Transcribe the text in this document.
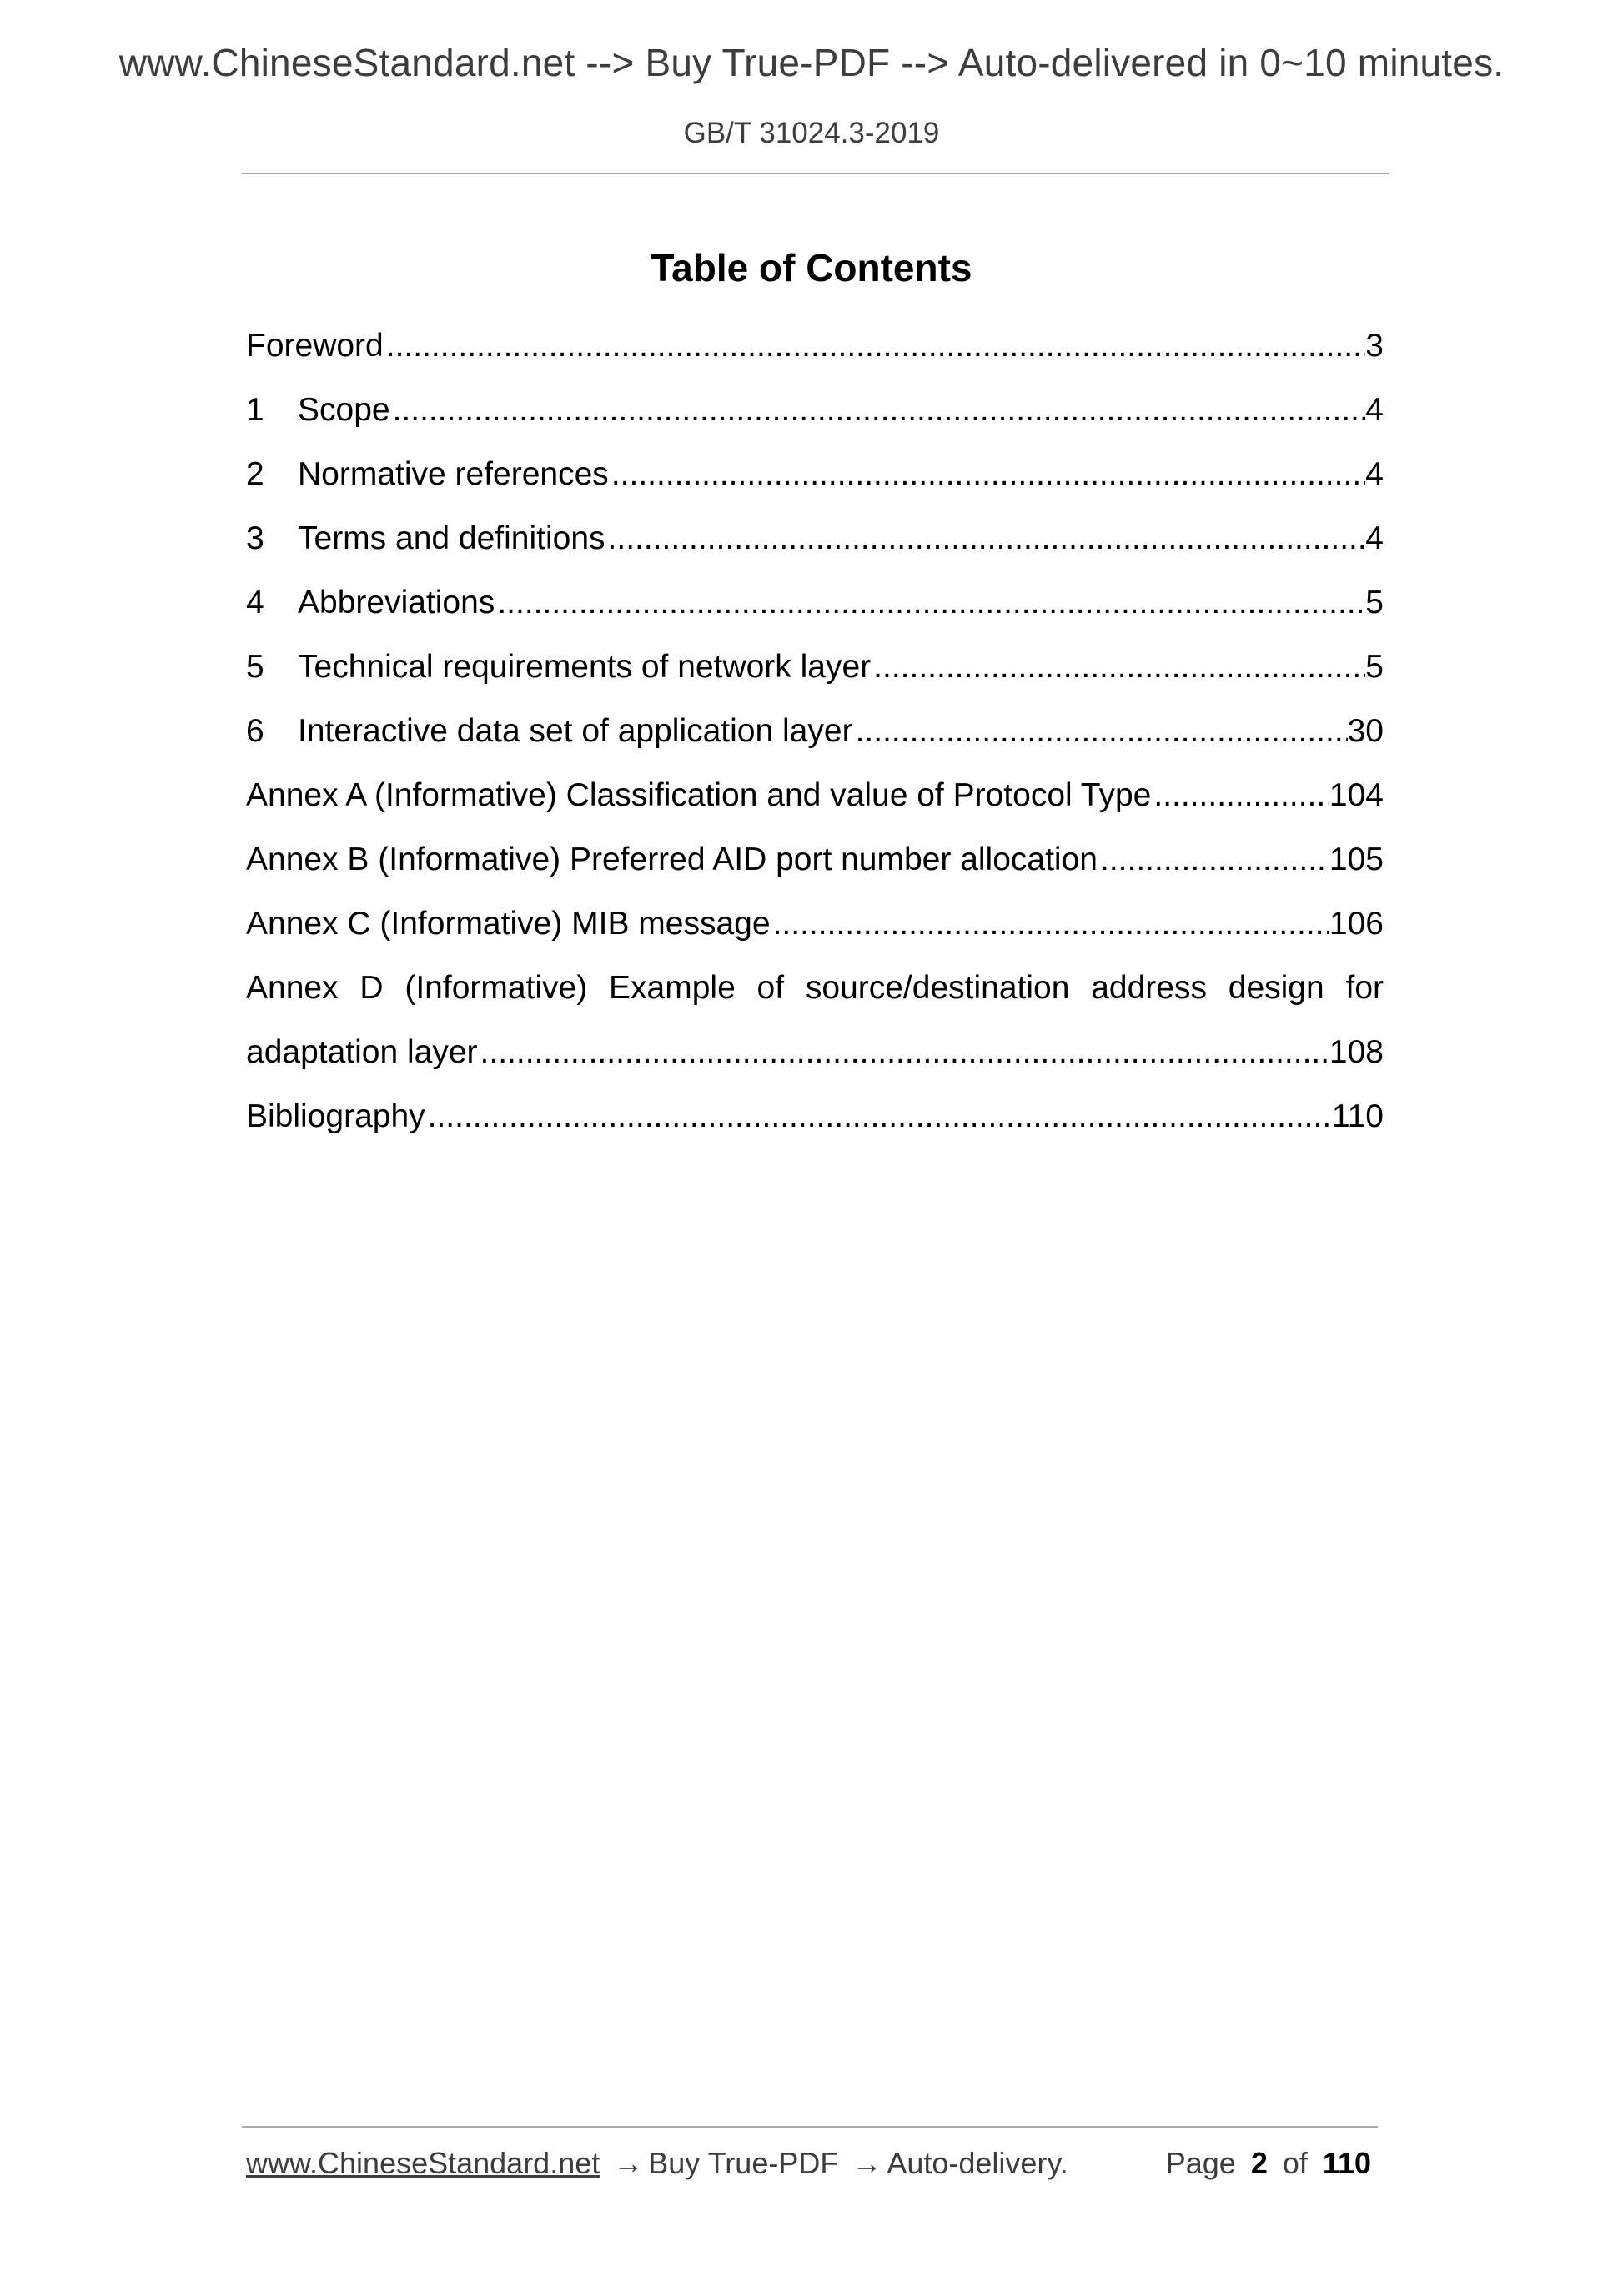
www.ChineseStandard.net --> Buy True-PDF --> Auto-delivered in 0~10 minutes.
GB/T 31024.3-2019
Table of Contents
Foreword .....	3
1	Scope .....	4
2	Normative references .....	4
3	Terms and definitions .....	4
4	Abbreviations .....	5
5	Technical requirements of network layer .....	5
6	Interactive data set of application layer .....	30
Annex A (Informative) Classification and value of Protocol Type .....	104
Annex B (Informative) Preferred AID port number allocation .....	105
Annex C (Informative) MIB message .....	106
Annex D (Informative) Example of source/destination address design for
adaptation layer .....	108
Bibliography .....	110
www.ChineseStandard.net → Buy True-PDF → Auto-delivery.	Page 2 of 110
